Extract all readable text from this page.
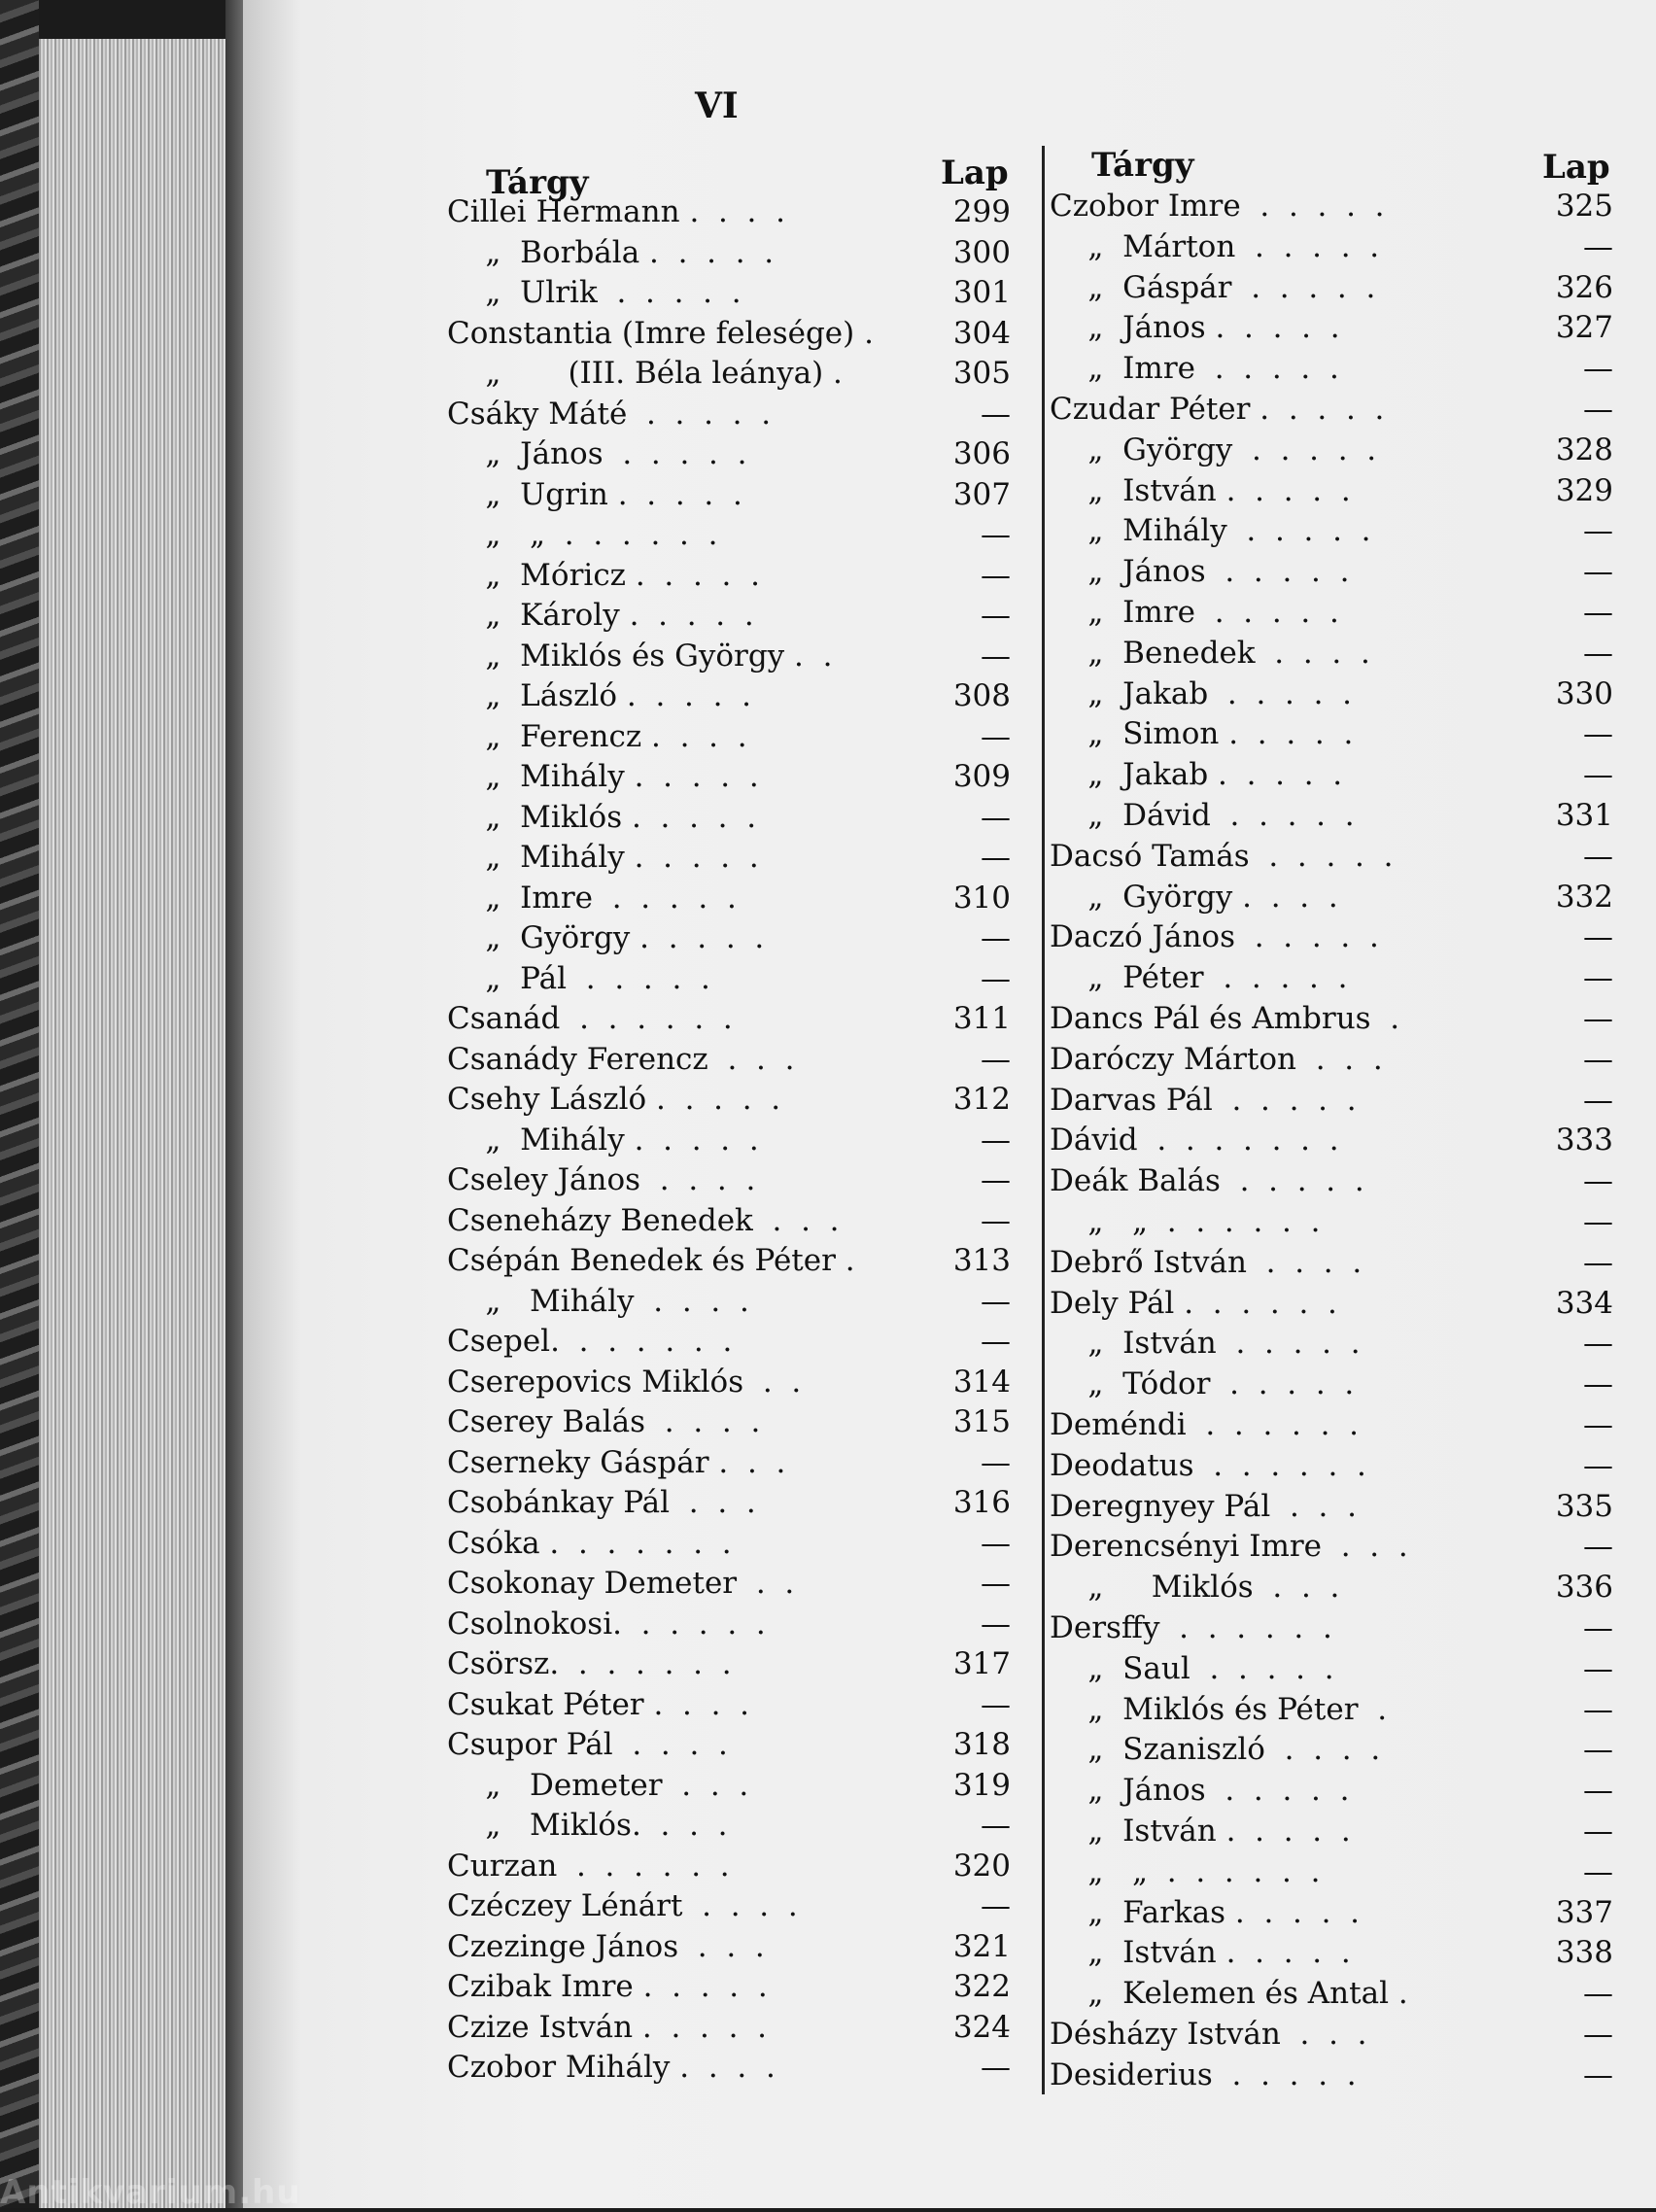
VI
Tárgy	Lap	Tárgy	Lap
Cillei Hermann .  .  .  .	299
„  Borbála .  .  .  .  .	300
„  Ulrik  .  .  .  .  .	301
Constantia (Imre felesége) .	304
„       (III. Béla leánya) .	305
Csáky Máté  .  .  .  .  .	—
„  János  .  .  .  .  .	306
„  Ugrin .  .  .  .  .	307
„   „  .  .  .  .  .  .	—
„  Móricz .  .  .  .  .	—
„  Károly .  .  .  .  .	—
„  Miklós és György .  .	—
„  László .  .  .  .  .	308
„  Ferencz .  .  .  .	—
„  Mihály .  .  .  .  .	309
„  Miklós .  .  .  .  .	—
„  Mihály .  .  .  .  .	—
„  Imre  .  .  .  .  .	310
„  György .  .  .  .  .	—
„  Pál  .  .  .  .  .	—
Csanád  .  .  .  .  .  .	311
Csanády Ferencz  .  .  .	—
Csehy László .  .  .  .  .	312
„  Mihály .  .  .  .  .	—
Cseley János  .  .  .  .	—
Cseneházy Benedek  .  .  .	—
Csépán Benedek és Péter .	313
„   Mihály  .  .  .  .	—
Csepel.  .  .  .  .  .  .	—
Cserepovics Miklós  .  .	314
Cserey Balás  .  .  .  .	315
Cserneky Gáspár .  .  .	—
Csobánkay Pál  .  .  .	316
Csóka .  .  .  .  .  .  .	—
Csokonay Demeter  .  .	—
Csolnokosi.  .  .  .  .  .	—
Csörsz.  .  .  .  .  .  .	317
Csukat Péter .  .  .  .	—
Csupor Pál  .  .  .  .	318
„   Demeter  .  .  .	319
„   Miklós.  .  .  .	—
Curzan  .  .  .  .  .  .	320
Czéczey Lénárt  .  .  .  .	—
Czezinge János  .  .  .	321
Czibak Imre .  .  .  .  .	322
Czize István .  .  .  .  .	324
Czobor Mihály .  .  .  .	—
Czobor Imre  .  .  .  .  .	325
„  Márton  .  .  .  .  .	—
„  Gáspár  .  .  .  .  .	326
„  János .  .  .  .  .	327
„  Imre  .  .  .  .  .	—
Czudar Péter .  .  .  .  .	—
„  György  .  .  .  .  .	328
„  István .  .  .  .  .	329
„  Mihály  .  .  .  .  .	—
„  János  .  .  .  .  .	—
„  Imre  .  .  .  .  .	—
„  Benedek  .  .  .  .	—
„  Jakab  .  .  .  .  .	330
„  Simon .  .  .  .  .	—
„  Jakab .  .  .  .  .	—
„  Dávid  .  .  .  .  .	331
Dacsó Tamás  .  .  .  .  .	—
„  György .  .  .  .	332
Daczó János  .  .  .  .  .	—
„  Péter  .  .  .  .  .	—
Dancs Pál és Ambrus  .	—
Daróczy Márton  .  .  .	—
Darvas Pál  .  .  .  .  .	—
Dávid  .  .  .  .  .  .  .	333
Deák Balás  .  .  .  .  .	—
„   „  .  .  .  .  .  .	—
Debrő István  .  .  .  .	—
Dely Pál .  .  .  .  .  .	334
„  István  .  .  .  .  .	—
„  Tódor  .  .  .  .  .	—
Deméndi  .  .  .  .  .  .	—
Deodatus  .  .  .  .  .  .	—
Deregnyey Pál  .  .  .	335
Derencsényi Imre  .  .  .	—
„     Miklós  .  .  .	336
Dersffy  .  .  .  .  .  .	—
„  Saul  .  .  .  .  .	—
„  Miklós és Péter  .	—
„  Szaniszló  .  .  .  .	—
„  János  .  .  .  .  .	—
„  István .  .  .  .  .	—
„   „  .  .  .  .  .  .	—
„  Farkas .  .  .  .  .	337
„  István .  .  .  .  .	338
„  Kelemen és Antal .	—
Désházy István  .  .  .	—
Desiderius  .  .  .  .  .	—
Antikvarium.hu
